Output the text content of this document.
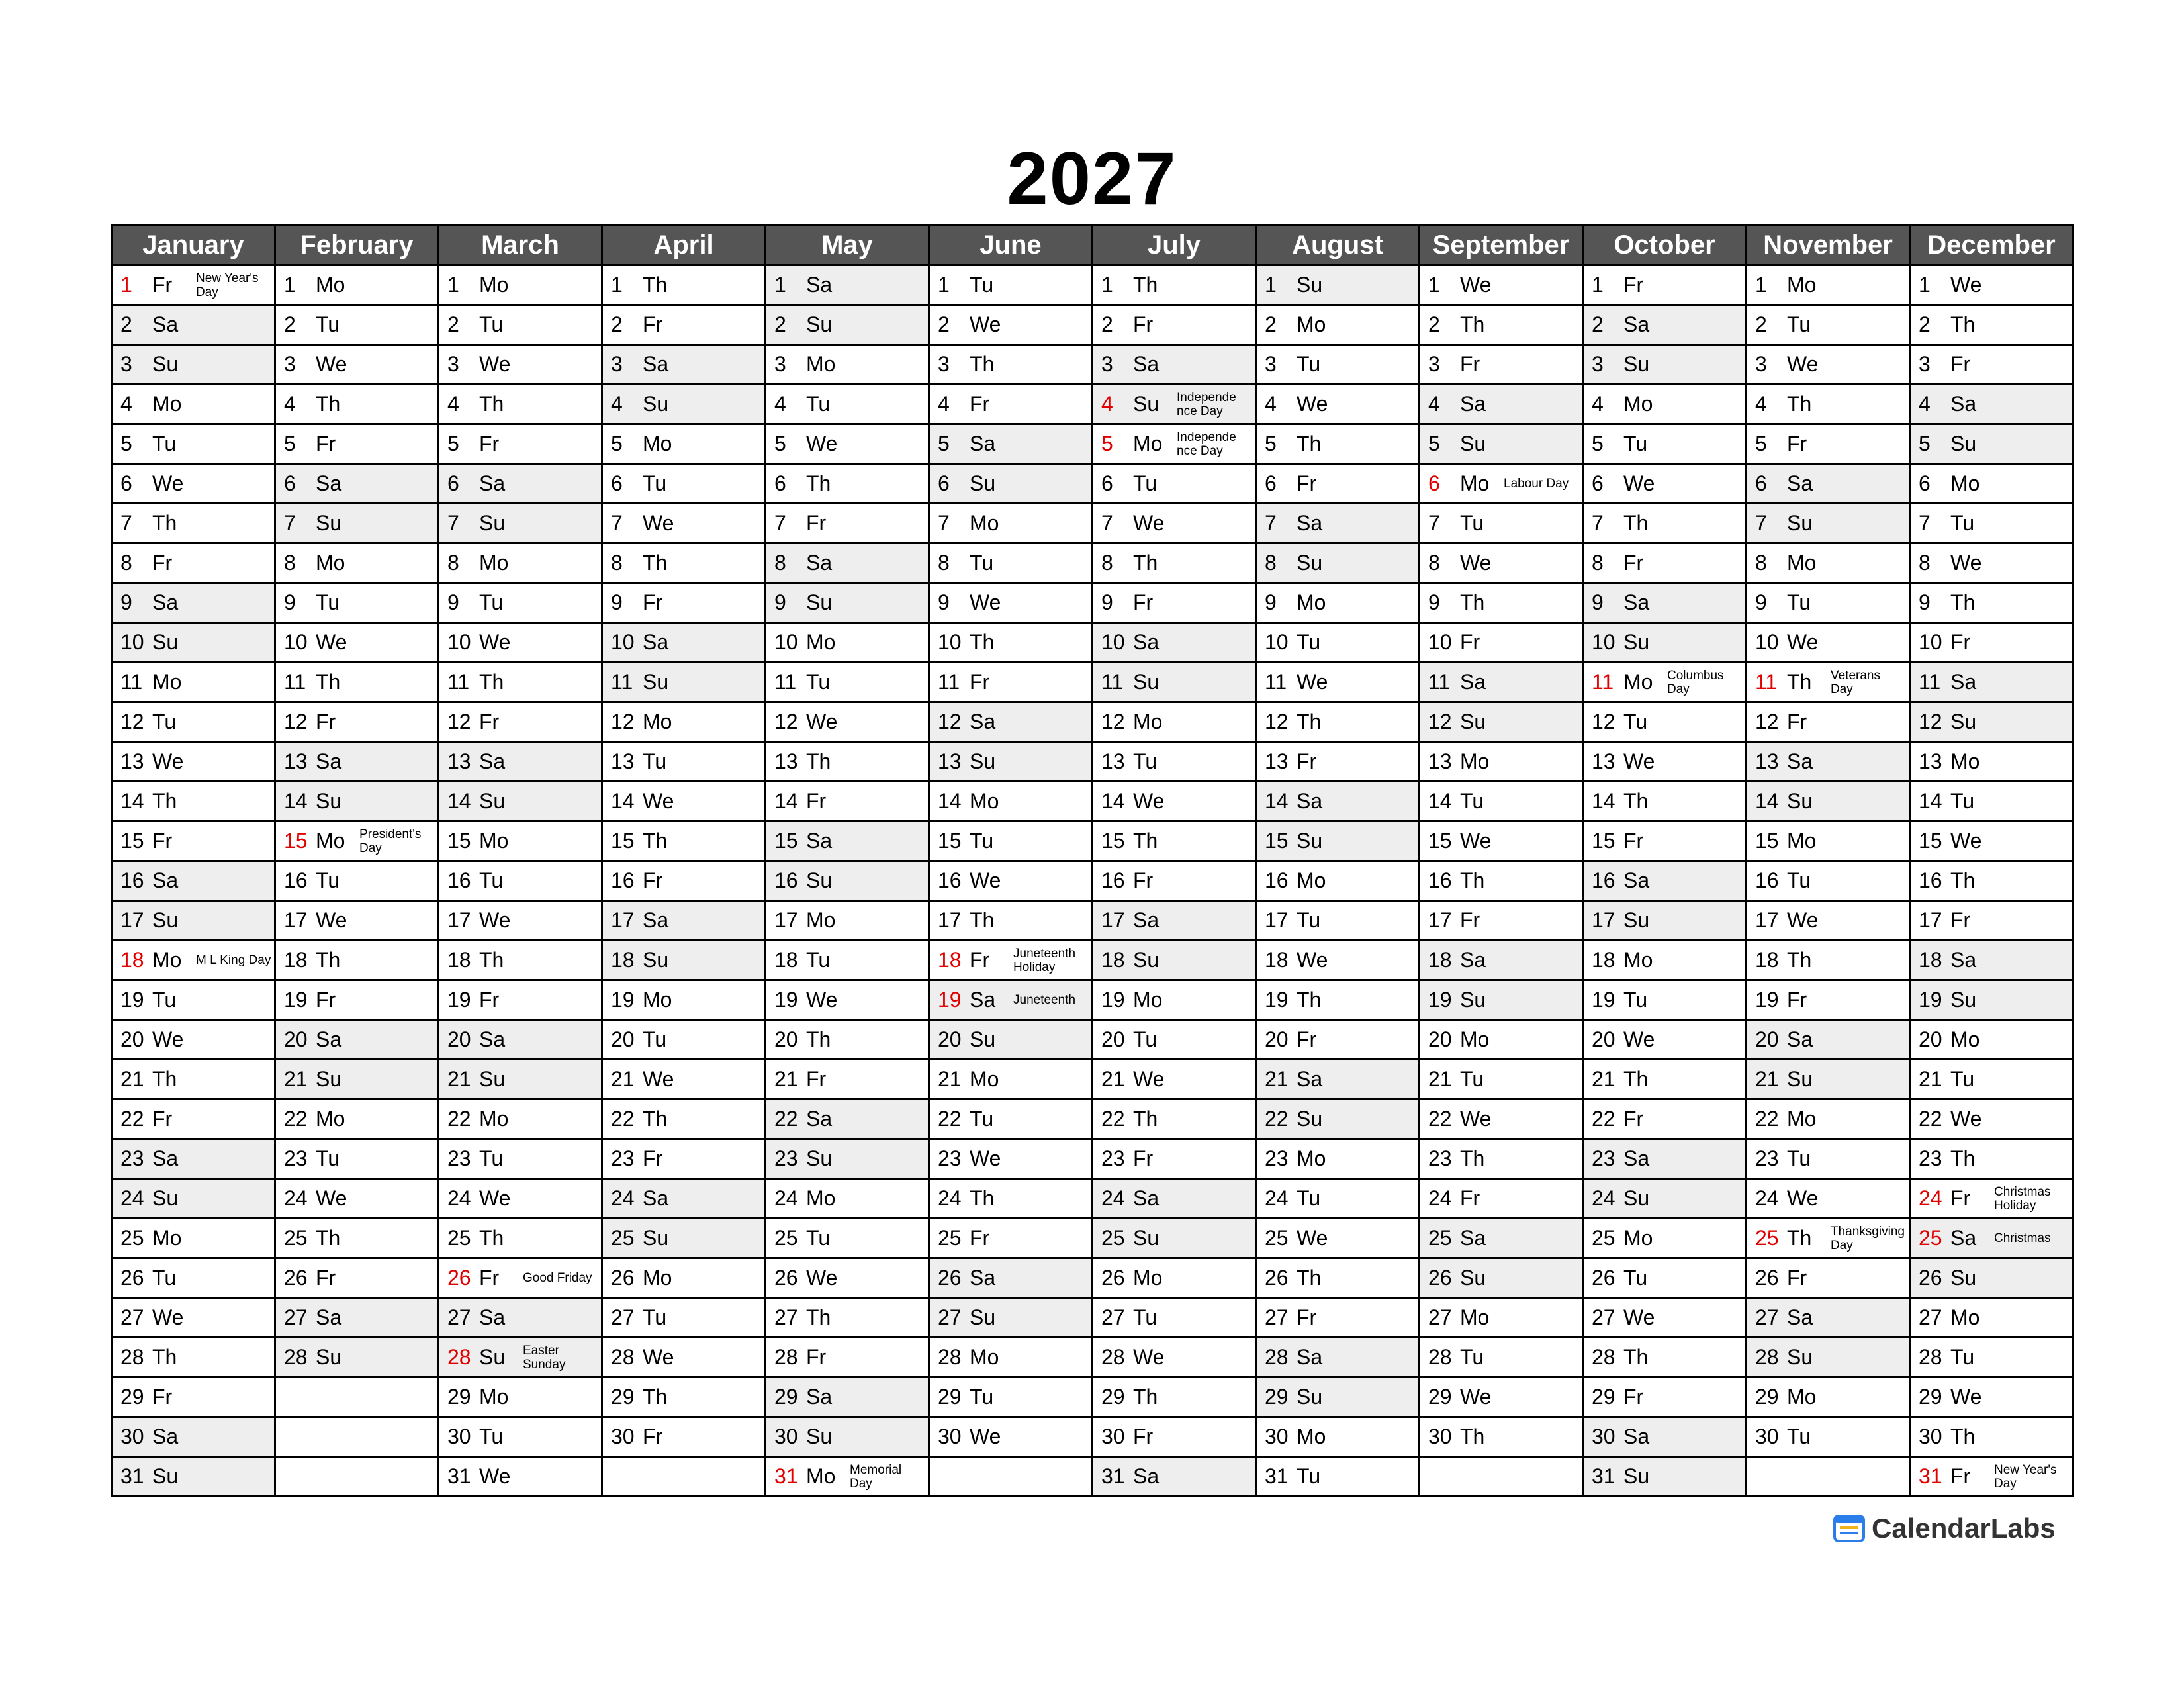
2027
January	February	March	April	May	June	July	August	September	October	November	December

1 Fr New Year's Day	1 Mo	1 Mo	1 Th	1 Sa	1 Tu	1 Th	1 Su	1 We	1 Fr	1 Mo	1 We

2 Sa	2 Tu	2 Tu	2 Fr	2 Su	2 We	2 Fr	2 Mo	2 Th	2 Sa	2 Tu	2 Th

3 Su	3 We	3 We	3 Sa	3 Mo	3 Th	3 Sa	3 Tu	3 Fr	3 Su	3 We	3 Fr

4 Mo	4 Th	4 Th	4 Su	4 Tu	4 Fr	4 Su Independe nce Day	4 We	4 Sa	4 Mo	4 Th	4 Sa

5 Tu	5 Fr	5 Fr	5 Mo	5 We	5 Sa	5 Mo Independe nce Day	5 Th	5 Su	5 Tu	5 Fr	5 Su

6 We	6 Sa	6 Sa	6 Tu	6 Th	6 Su	6 Tu	6 Fr	6 Mo Labour Day	6 We	6 Sa	6 Mo

7 Th	7 Su	7 Su	7 We	7 Fr	7 Mo	7 We	7 Sa	7 Tu	7 Th	7 Su	7 Tu

8 Fr	8 Mo	8 Mo	8 Th	8 Sa	8 Tu	8 Th	8 Su	8 We	8 Fr	8 Mo	8 We

9 Sa	9 Tu	9 Tu	9 Fr	9 Su	9 We	9 Fr	9 Mo	9 Th	9 Sa	9 Tu	9 Th

10 Su	10 We	10 We	10 Sa	10 Mo	10 Th	10 Sa	10 Tu	10 Fr	10 Su	10 We	10 Fr

11 Mo	11 Th	11 Th	11 Su	11 Tu	11 Fr	11 Su	11 We	11 Sa	11 Mo Columbus Day	11 Th Veterans Day	11 Sa

12 Tu	12 Fr	12 Fr	12 Mo	12 We	12 Sa	12 Mo	12 Th	12 Su	12 Tu	12 Fr	12 Su

13 We	13 Sa	13 Sa	13 Tu	13 Th	13 Su	13 Tu	13 Fr	13 Mo	13 We	13 Sa	13 Mo

14 Th	14 Su	14 Su	14 We	14 Fr	14 Mo	14 We	14 Sa	14 Tu	14 Th	14 Su	14 Tu

15 Fr	15 Mo President's Day	15 Mo	15 Th	15 Sa	15 Tu	15 Th	15 Su	15 We	15 Fr	15 Mo	15 We

16 Sa	16 Tu	16 Tu	16 Fr	16 Su	16 We	16 Fr	16 Mo	16 Th	16 Sa	16 Tu	16 Th

17 Su	17 We	17 We	17 Sa	17 Mo	17 Th	17 Sa	17 Tu	17 Fr	17 Su	17 We	17 Fr

18 Mo M L King Day	18 Th	18 Th	18 Su	18 Tu	18 Fr Juneteenth Holiday	18 Su	18 We	18 Sa	18 Mo	18 Th	18 Sa

19 Tu	19 Fr	19 Fr	19 Mo	19 We	19 Sa Juneteenth	19 Mo	19 Th	19 Su	19 Tu	19 Fr	19 Su

20 We	20 Sa	20 Sa	20 Tu	20 Th	20 Su	20 Tu	20 Fr	20 Mo	20 We	20 Sa	20 Mo

21 Th	21 Su	21 Su	21 We	21 Fr	21 Mo	21 We	21 Sa	21 Tu	21 Th	21 Su	21 Tu

22 Fr	22 Mo	22 Mo	22 Th	22 Sa	22 Tu	22 Th	22 Su	22 We	22 Fr	22 Mo	22 We

23 Sa	23 Tu	23 Tu	23 Fr	23 Su	23 We	23 Fr	23 Mo	23 Th	23 Sa	23 Tu	23 Th

24 Su	24 We	24 We	24 Sa	24 Mo	24 Th	24 Sa	24 Tu	24 Fr	24 Su	24 We	24 Fr Christmas Holiday

25 Mo	25 Th	25 Th	25 Su	25 Tu	25 Fr	25 Su	25 We	25 Sa	25 Mo	25 Th Thanksgiving Day	25 Sa Christmas

26 Tu	26 Fr	26 Fr Good Friday	26 Mo	26 We	26 Sa	26 Mo	26 Th	26 Su	26 Tu	26 Fr	26 Su

27 We	27 Sa	27 Sa	27 Tu	27 Th	27 Su	27 Tu	27 Fr	27 Mo	27 We	27 Sa	27 Mo

28 Th	28 Su	28 Su Easter Sunday	28 We	28 Fr	28 Mo	28 We	28 Sa	28 Tu	28 Th	28 Su	28 Tu

29 Fr		29 Mo	29 Th	29 Sa	29 Tu	29 Th	29 Su	29 We	29 Fr	29 Mo	29 We

30 Sa		30 Tu	30 Fr	30 Su	30 We	30 Fr	30 Mo	30 Th	30 Sa	30 Tu	30 Th

31 Su		31 We		31 Mo Memorial Day		31 Sa	31 Tu		31 Su		31 Fr New Year's Day
CalendarLabs
